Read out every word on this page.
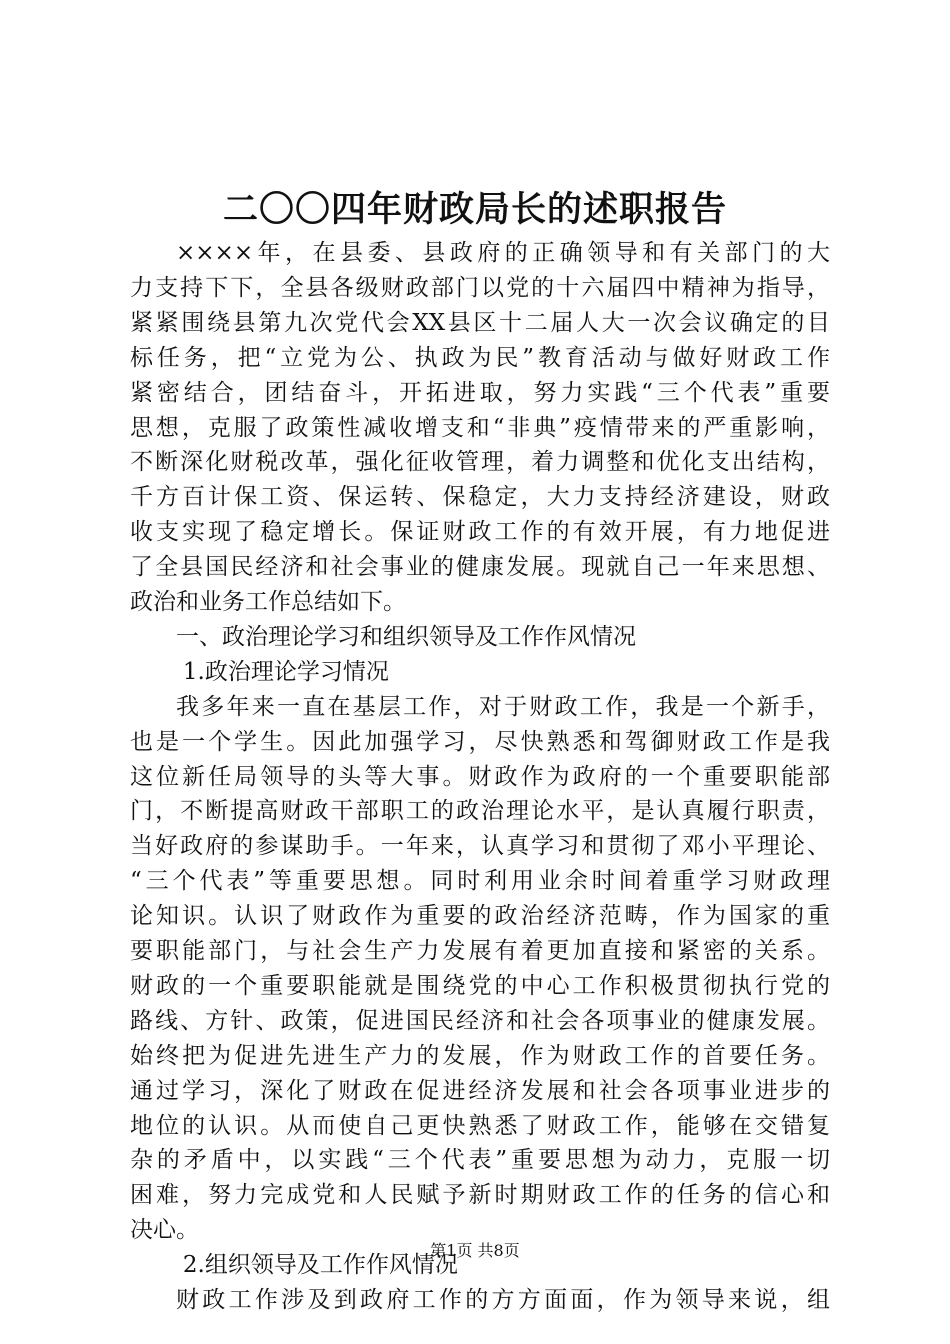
二〇〇四年财政局长的述职报告
××××年，在县委、县政府的正确领导和有关部门的大
力支持下下，全县各级财政部门以党的十六届四中精神为指导，
紧紧围绕县第九次党代会XX县区十二届人大一次会议确定的目
标任务，把“立党为公、执政为民”教育活动与做好财政工作
紧密结合，团结奋斗，开拓进取，努力实践“三个代表”重要
思想，克服了政策性减收增支和“非典”疫情带来的严重影响，
不断深化财税改革，强化征收管理，着力调整和优化支出结构，
千方百计保工资、保运转、保稳定，大力支持经济建设，财政
收支实现了稳定增长。保证财政工作的有效开展，有力地促进
了全县国民经济和社会事业的健康发展。现就自己一年来思想、
政治和业务工作总结如下。
一、政治理论学习和组织领导及工作作风情况
1.政治理论学习情况
我多年来一直在基层工作，对于财政工作，我是一个新手，
也是一个学生。因此加强学习，尽快熟悉和驾御财政工作是我
这位新任局领导的头等大事。财政作为政府的一个重要职能部
门，不断提高财政干部职工的政治理论水平，是认真履行职责，
当好政府的参谋助手。一年来，认真学习和贯彻了邓小平理论、
“三个代表”等重要思想。同时利用业余时间着重学习财政理
论知识。认识了财政作为重要的政治经济范畴，作为国家的重
要职能部门，与社会生产力发展有着更加直接和紧密的关系。
财政的一个重要职能就是围绕党的中心工作积极贯彻执行党的
路线、方针、政策，促进国民经济和社会各项事业的健康发展。
始终把为促进先进生产力的发展，作为财政工作的首要任务。
通过学习，深化了财政在促进经济发展和社会各项事业进步的
地位的认识。从而使自己更快熟悉了财政工作，能够在交错复
杂的矛盾中，以实践“三个代表”重要思想为动力，克服一切
困难，努力完成党和人民赋予新时期财政工作的任务的信心和
决心。
2.组织领导及工作作风情况
财政工作涉及到政府工作的方方面面，作为领导来说，组
第1页 共8页
